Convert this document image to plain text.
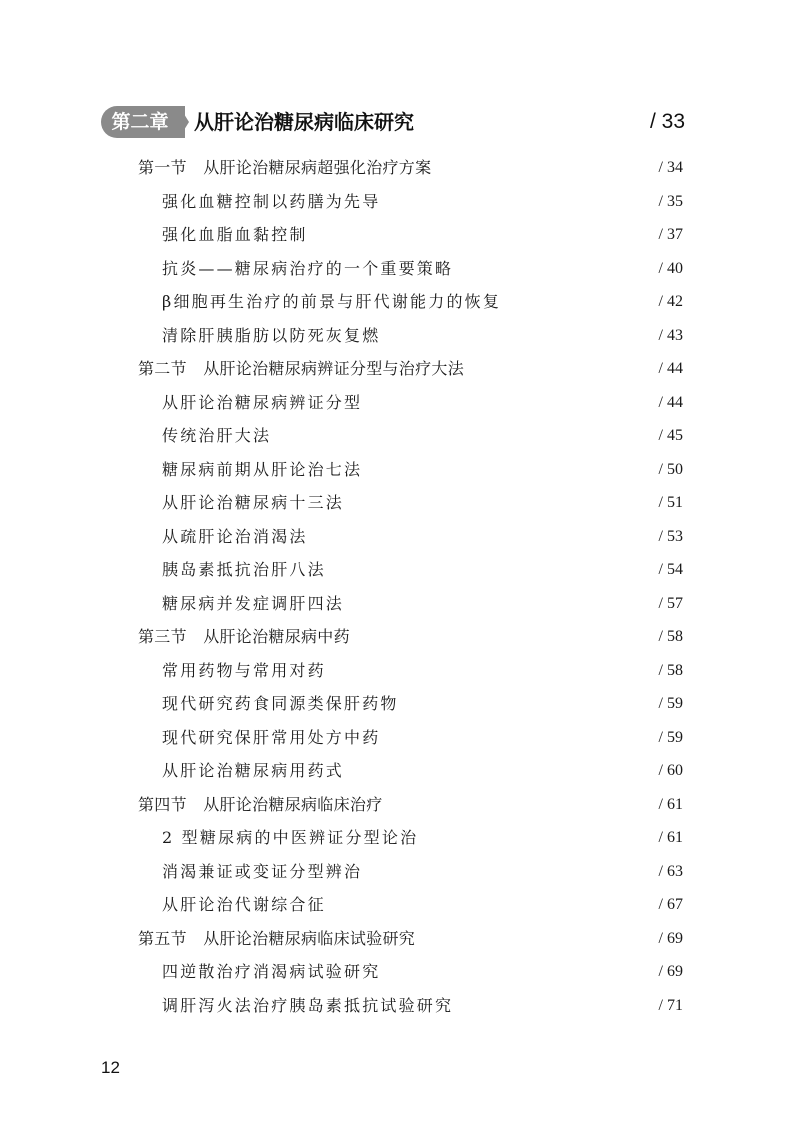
第二章	从肝论治糖尿病临床研究	/ 33
第一节　从肝论治糖尿病超强化治疗方案	/ 34
强化血糖控制以药膳为先导	/ 35
强化血脂血黏控制	/ 37
抗炎——糖尿病治疗的一个重要策略	/ 40
β细胞再生治疗的前景与肝代谢能力的恢复	/ 42
清除肝胰脂肪以防死灰复燃	/ 43
第二节　从肝论治糖尿病辨证分型与治疗大法	/ 44
从肝论治糖尿病辨证分型	/ 44
传统治肝大法	/ 45
糖尿病前期从肝论治七法	/ 50
从肝论治糖尿病十三法	/ 51
从疏肝论治消渴法	/ 53
胰岛素抵抗治肝八法	/ 54
糖尿病并发症调肝四法	/ 57
第三节　从肝论治糖尿病中药	/ 58
常用药物与常用对药	/ 58
现代研究药食同源类保肝药物	/ 59
现代研究保肝常用处方中药	/ 59
从肝论治糖尿病用药式	/ 60
第四节　从肝论治糖尿病临床治疗	/ 61
2 型糖尿病的中医辨证分型论治	/ 61
消渴兼证或变证分型辨治	/ 63
从肝论治代谢综合征	/ 67
第五节　从肝论治糖尿病临床试验研究	/ 69
四逆散治疗消渴病试验研究	/ 69
调肝泻火法治疗胰岛素抵抗试验研究	/ 71
12
